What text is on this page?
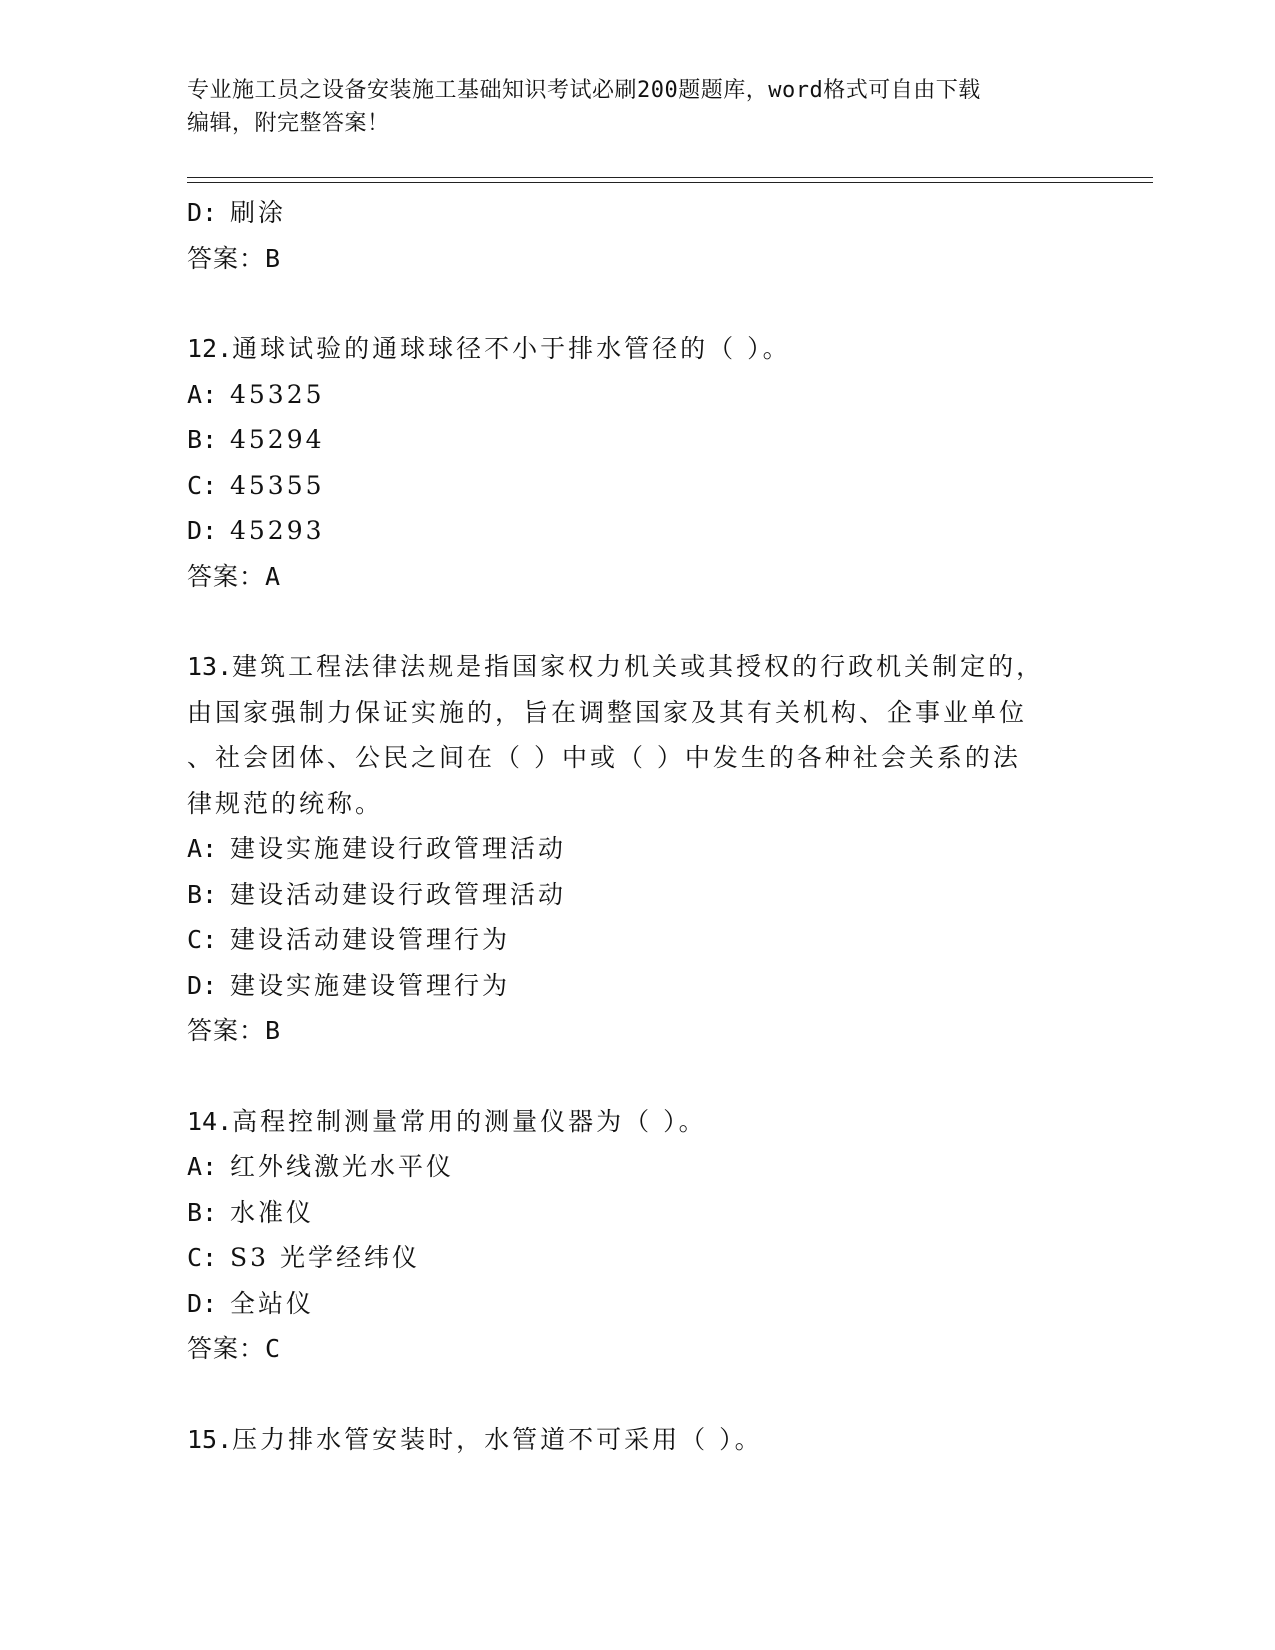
专业施工员之设备安装施工基础知识考试必刷200题题库，word格式可自由下载
编辑，附完整答案！
D: 刷涂
答案：B
12.通球试验的通球球径不小于排水管径的（ ）。
A: 45325
B: 45294
C: 45355
D: 45293
答案：A
13.建筑工程法律法规是指国家权力机关或其授权的行政机关制定的，
由国家强制力保证实施的，旨在调整国家及其有关机构、企事业单位
、社会团体、公民之间在（ ）中或（ ）中发生的各种社会关系的法
律规范的统称。
A: 建设实施建设行政管理活动
B: 建设活动建设行政管理活动
C: 建设活动建设管理行为
D: 建设实施建设管理行为
答案：B
14.高程控制测量常用的测量仪器为（ ）。
A: 红外线激光水平仪
B: 水准仪
C: S3 光学经纬仪
D: 全站仪
答案：C
15.压力排水管安装时，水管道不可采用（ ）。
